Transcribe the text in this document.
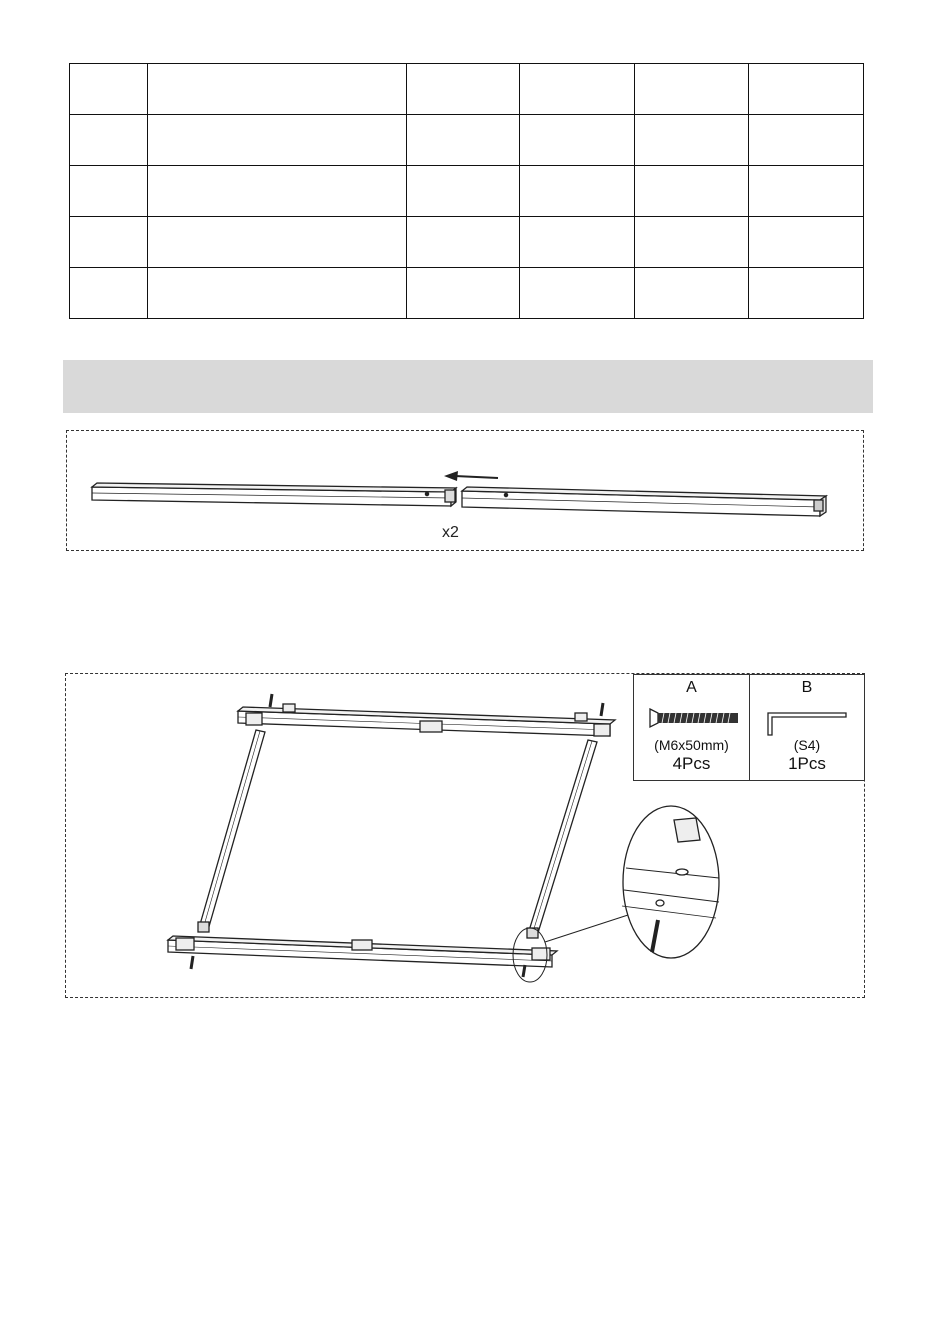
x2
A
(M6x50mm)
4Pcs
B
(S4)
1Pcs
